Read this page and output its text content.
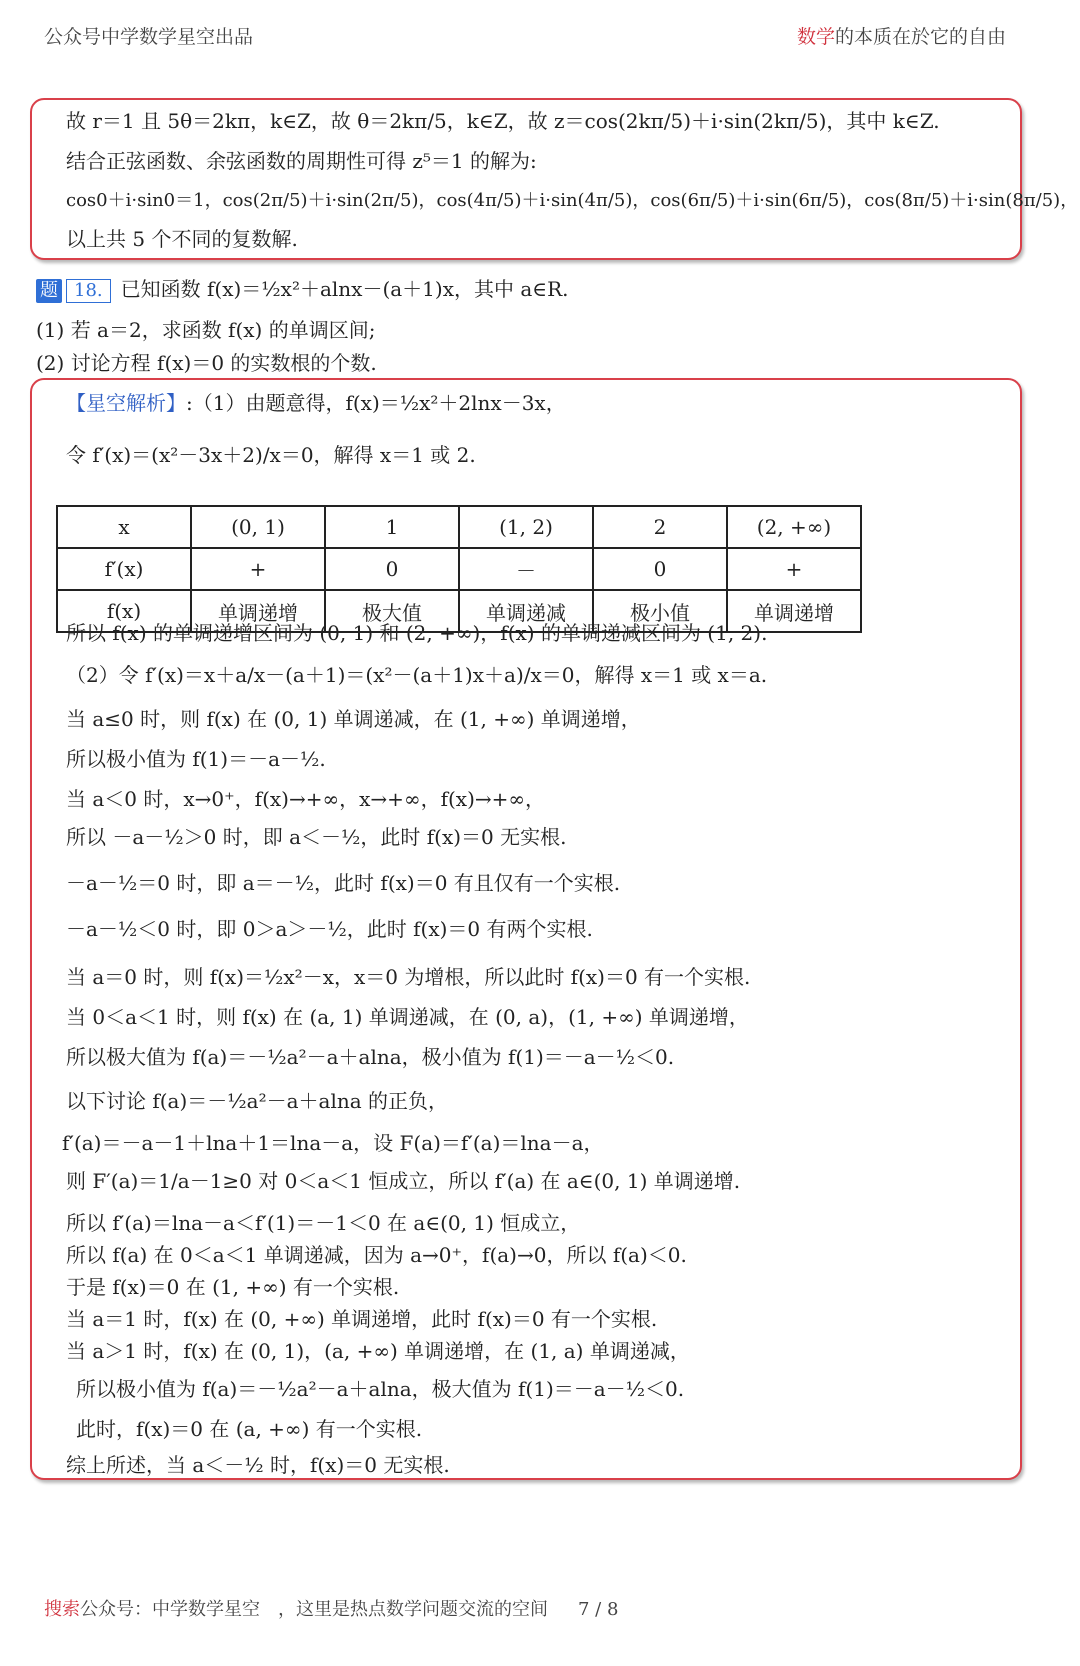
公众号中学数学星空出品	数学的本质在於它的自由
故 r＝1 且 5θ＝2kπ，k∈Z，故 θ＝2kπ/5，k∈Z，故 z＝cos(2kπ/5)＋i·sin(2kπ/5)，其中 k∈Z.
结合正弦函数、余弦函数的周期性可得 z⁵＝1 的解为:
cos0＋i·sin0＝1，cos(2π/5)＋i·sin(2π/5)，cos(4π/5)＋i·sin(4π/5)，cos(6π/5)＋i·sin(6π/5)，cos(8π/5)＋i·sin(8π/5)，
以上共 5 个不同的复数解.
题 18. 已知函数 f(x)＝½x²＋alnx－(a＋1)x，其中 a∈R.
(1) 若 a＝2，求函数 f(x) 的单调区间;
(2) 讨论方程 f(x)＝0 的实数根的个数.
【星空解析】:（1）由题意得，f(x)＝½x²＋2lnx－3x，
令 f′(x)＝(x²－3x＋2)/x＝0，解得 x＝1 或 2.
x	(0, 1)	1	(1, 2)	2	(2, +∞)
f′(x)	+	0	－	0	+
f(x)	单调递增	极大值	单调递减	极小值	单调递增
所以 f(x) 的单调递增区间为 (0, 1) 和 (2, +∞)，f(x) 的单调递减区间为 (1, 2).
（2）令 f′(x)＝x＋a/x－(a＋1)＝(x²－(a＋1)x＋a)/x＝0，解得 x＝1 或 x＝a.
当 a≤0 时，则 f(x) 在 (0, 1) 单调递减，在 (1, +∞) 单调递增，
所以极小值为 f(1)＝－a－½.
当 a＜0 时，x→0⁺，f(x)→+∞，x→+∞，f(x)→+∞，
所以 －a－½＞0 时，即 a＜－½，此时 f(x)＝0 无实根.
－a－½＝0 时，即 a＝－½，此时 f(x)＝0 有且仅有一个实根.
－a－½＜0 时，即 0＞a＞－½，此时 f(x)＝0 有两个实根.
当 a＝0 时，则 f(x)＝½x²－x，x＝0 为增根，所以此时 f(x)＝0 有一个实根.
当 0＜a＜1 时，则 f(x) 在 (a, 1) 单调递减，在 (0, a)，(1, +∞) 单调递增，
所以极大值为 f(a)＝－½a²－a＋alna，极小值为 f(1)＝－a－½＜0.
以下讨论 f(a)＝－½a²－a＋alna 的正负，
f′(a)＝－a－1＋lna＋1＝lna－a，设 F(a)＝f′(a)＝lna－a，
则 F′(a)＝1/a－1≥0 对 0＜a＜1 恒成立，所以 f′(a) 在 a∈(0, 1) 单调递增.
所以 f′(a)＝lna－a＜f′(1)＝－1＜0 在 a∈(0, 1) 恒成立，
所以 f(a) 在 0＜a＜1 单调递减，因为 a→0⁺，f(a)→0，所以 f(a)＜0.
于是 f(x)＝0 在 (1, +∞) 有一个实根.
当 a＝1 时，f(x) 在 (0, +∞) 单调递增，此时 f(x)＝0 有一个实根.
当 a＞1 时，f(x) 在 (0, 1)，(a, +∞) 单调递增，在 (1, a) 单调递减，
所以极小值为 f(a)＝－½a²－a＋alna，极大值为 f(1)＝－a－½＜0.
此时，f(x)＝0 在 (a, +∞) 有一个实根.
综上所述，当 a＜－½ 时，f(x)＝0 无实根.
搜索公众号：中学数学星空　，这里是热点数学问题交流的空间 7 / 8
